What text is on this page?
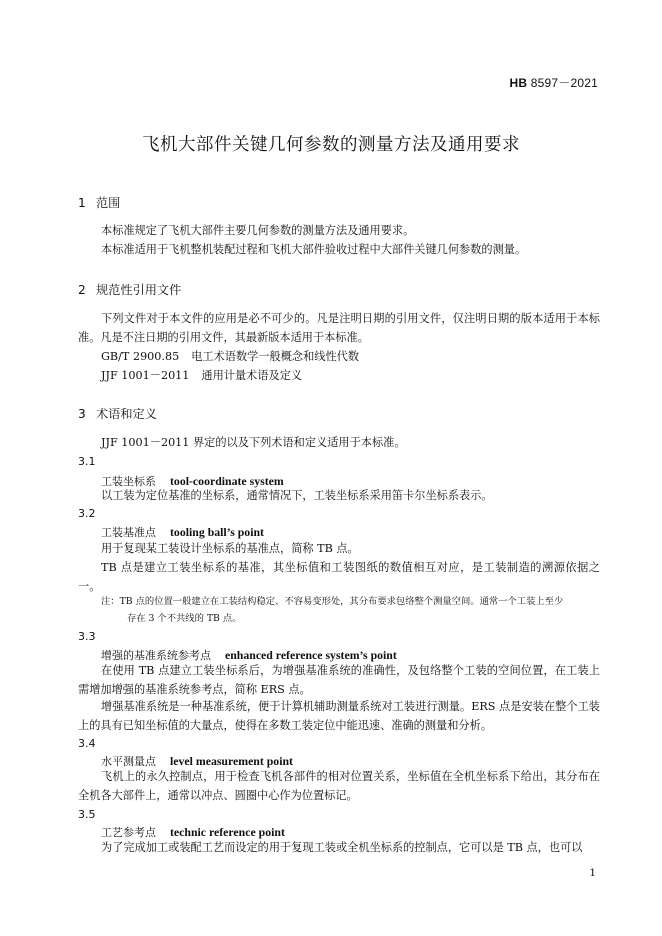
HB 8597－2021
飞机大部件关键几何参数的测量方法及通用要求
1 范围
本标准规定了飞机大部件主要几何参数的测量方法及通用要求。
本标准适用于飞机整机装配过程和飞机大部件验收过程中大部件关键几何参数的测量。
2 规范性引用文件
下列文件对于本文件的应用是必不可少的。凡是注明日期的引用文件，仅注明日期的版本适用于本标准。凡是不注日期的引用文件，其最新版本适用于本标准。
GB/T 2900.85 电工术语数学一般概念和线性代数
JJF 1001－2011 通用计量术语及定义
3 术语和定义
JJF 1001－2011 界定的以及下列术语和定义适用于本标准。
3.1
工装坐标系 tool-coordinate system
以工装为定位基准的坐标系，通常情况下，工装坐标系采用笛卡尔坐标系表示。
3.2
工装基准点 tooling ball’s point
用于复现某工装设计坐标系的基准点，简称 TB 点。
TB 点是建立工装坐标系的基准，其坐标值和工装图纸的数值相互对应，是工装制造的溯源依据之一。
注：TB 点的位置一般建立在工装结构稳定、不容易变形处，其分布要求包络整个测量空间。通常一个工装上至少
存在 3 个不共线的 TB 点。
3.3
增强的基准系统参考点 enhanced reference system’s point
在使用 TB 点建立工装坐标系后，为增强基准系统的准确性，及包络整个工装的空间位置，在工装上需增加增强的基准系统参考点，简称 ERS 点。
增强基准系统是一种基准系统，便于计算机辅助测量系统对工装进行测量。ERS 点是安装在整个工装上的具有已知坐标值的大量点，使得在多数工装定位中能迅速、准确的测量和分析。
3.4
水平测量点 level measurement point
飞机上的永久控制点，用于检查飞机各部件的相对位置关系，坐标值在全机坐标系下给出，其分布在全机各大部件上，通常以冲点、圆圈中心作为位置标记。
3.5
工艺参考点 technic reference point
为了完成加工或装配工艺而设定的用于复现工装或全机坐标系的控制点，它可以是 TB 点，也可以
1
